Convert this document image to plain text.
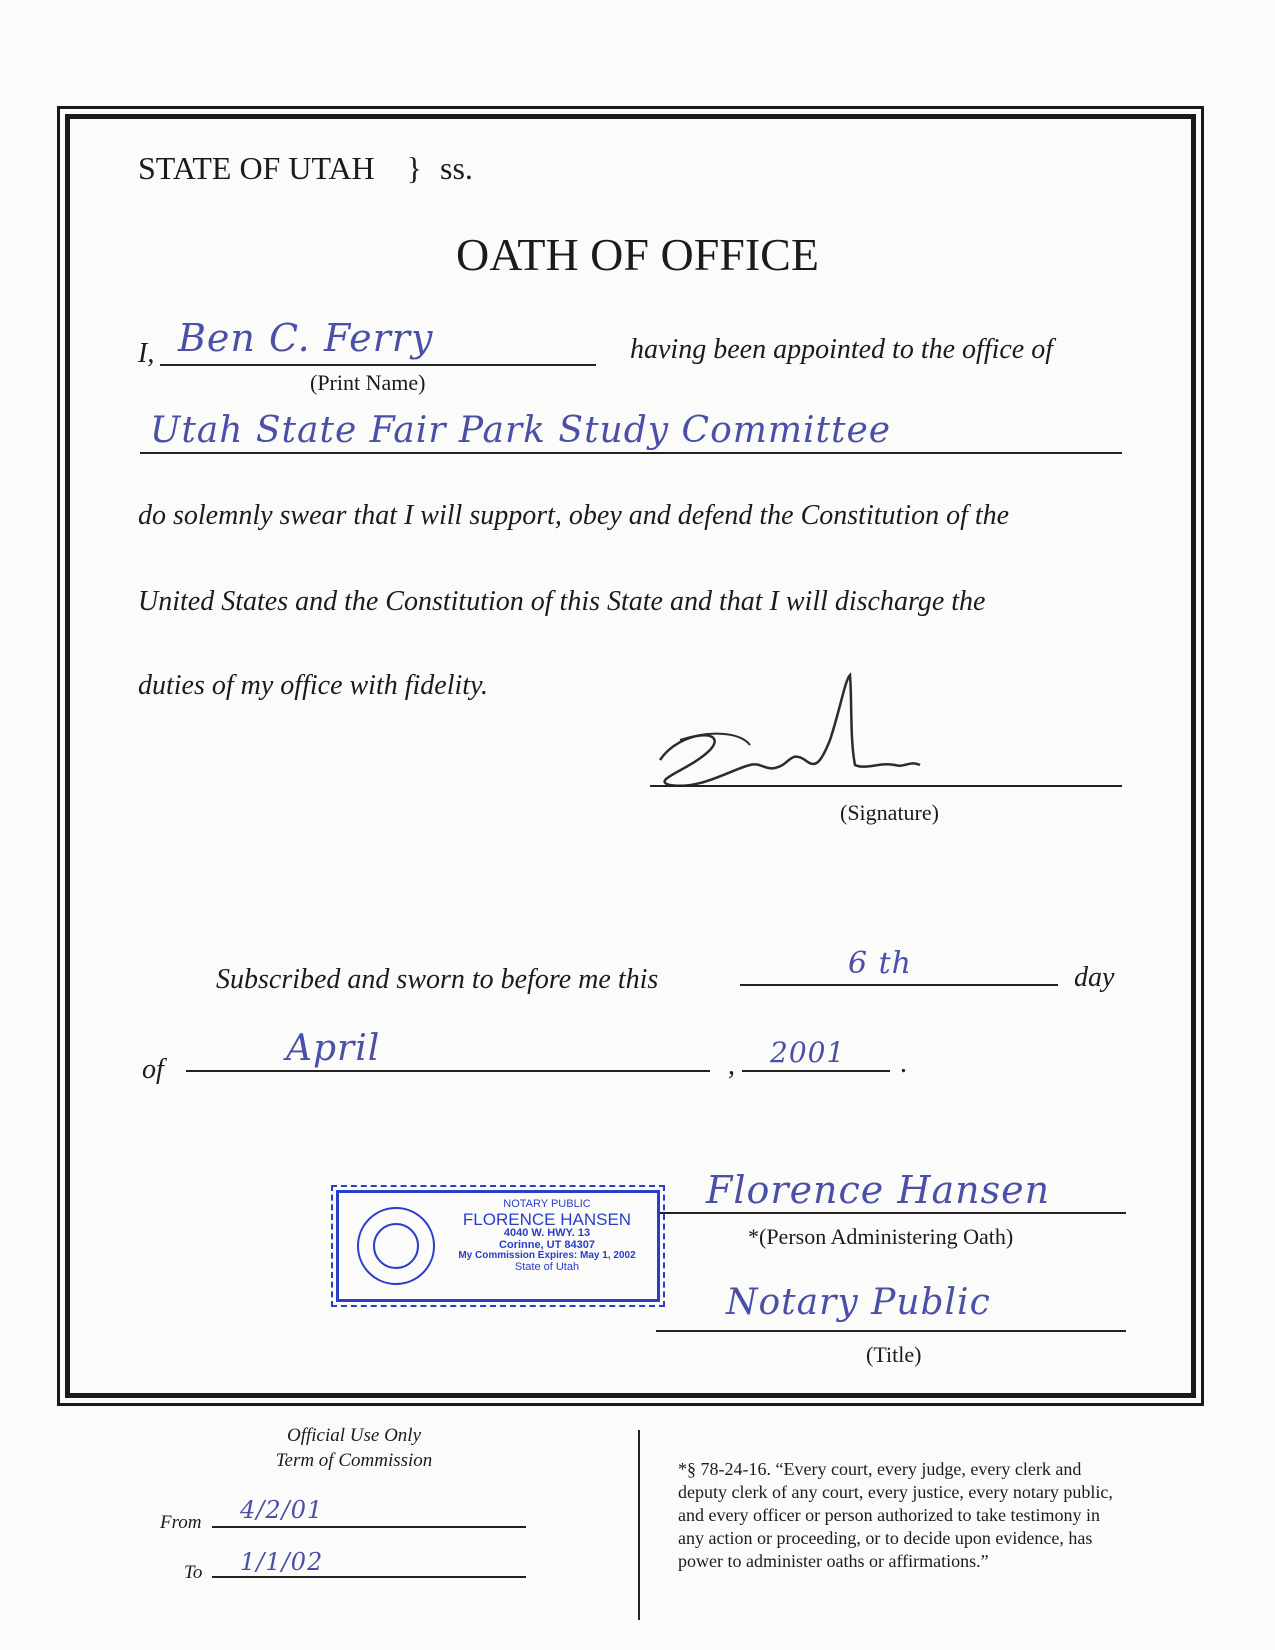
STATE OF UTAH } ss.
OATH OF OFFICE
I, Ben C. Ferry
(Print Name)
having been appointed to the office of
Utah State Fair Park Study Committee
do solemnly swear that I will support, obey and defend the Constitution of the
United States and the Constitution of this State and that I will discharge the
duties of my office with fidelity.
(Signature)
Subscribed and sworn to before me this	6 th	day
of
April	, 2001 .
NOTARY PUBLIC
FLORENCE HANSEN
4040 W. HWY. 13
Corinne, UT 84307
My Commission Expires: May 1, 2002
State of Utah
Florence Hansen
*(Person Administering Oath)
Notary Public
(Title)
Official Use Only
Term of Commission
From 4/2/01
To 1/1/02
*§ 78-24-16. “Every court, every judge, every clerk and
deputy clerk of any court, every justice, every notary public,
and every officer or person authorized to take testimony in
any action or proceeding, or to decide upon evidence, has
power to administer oaths or affirmations.”
